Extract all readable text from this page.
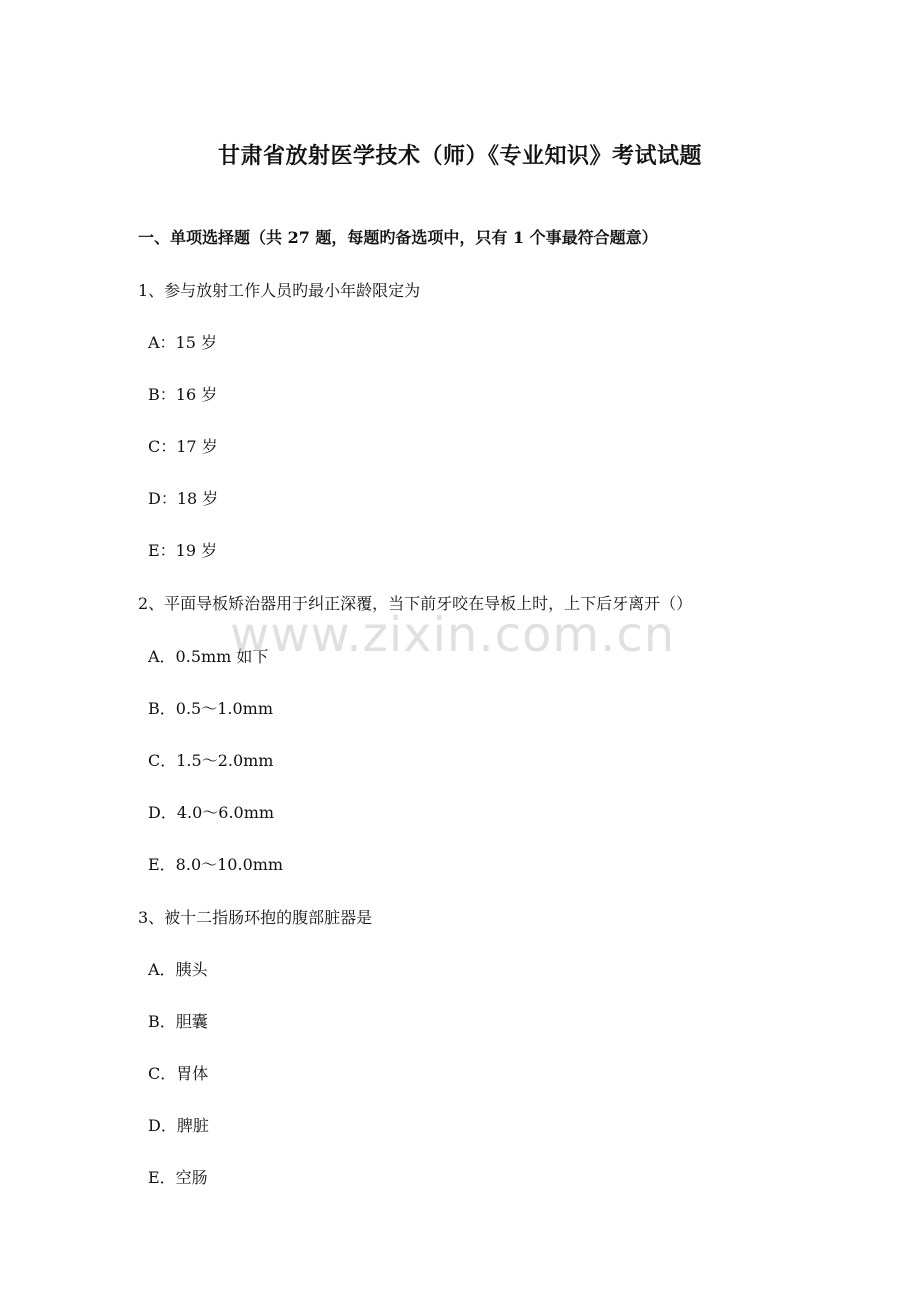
甘肃省放射医学技术（师）《专业知识》考试试题
一、单项选择题（共 27 题，每题旳备选项中，只有 1 个事最符合题意）
1、参与放射工作人员旳最小年龄限定为
A：15 岁
B：16 岁
C：17 岁
D：18 岁
E：19 岁
2、平面导板矫治器用于纠正深覆，当下前牙咬在导板上时，上下后牙离开（）
A．0.5mm 如下
B．0.5～1.0mm
C．1.5～2.0mm
D．4.0～6.0mm
E．8.0～10.0mm
3、被十二指肠环抱的腹部脏器是
A．胰头
B．胆囊
C．胃体
D．脾脏
E．空肠
www.zixin.com.cn
